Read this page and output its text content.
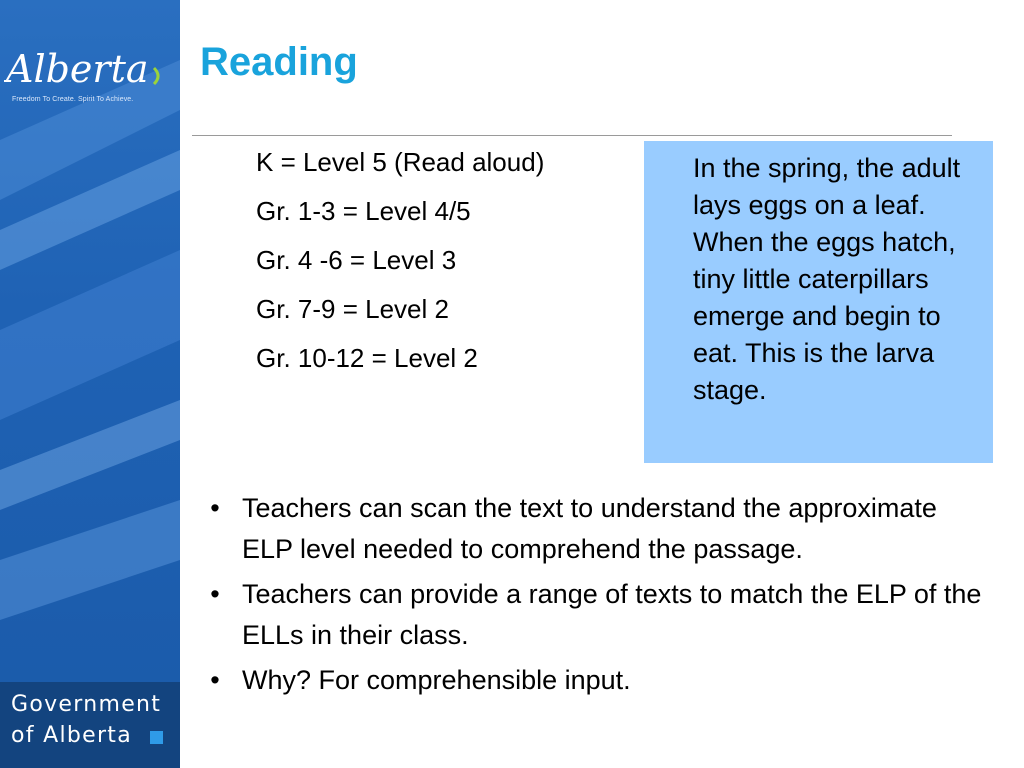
Alberta
Freedom To Create. Spirit To Achieve.
Government
of Alberta
Reading
K = Level 5 (Read aloud)
Gr. 1-3 = Level 4/5
Gr. 4 -6 = Level 3
Gr. 7-9 = Level 2
Gr. 10-12 = Level 2
In the spring, the adult lays eggs on a leaf. When the eggs hatch, tiny little caterpillars emerge and begin to eat. This is the larva stage.
• Teachers can scan the text to understand the approximate ELP level needed to comprehend the passage.
• Teachers can provide a range of texts to match the ELP of the ELLs in their class.
• Why? For comprehensible input.
